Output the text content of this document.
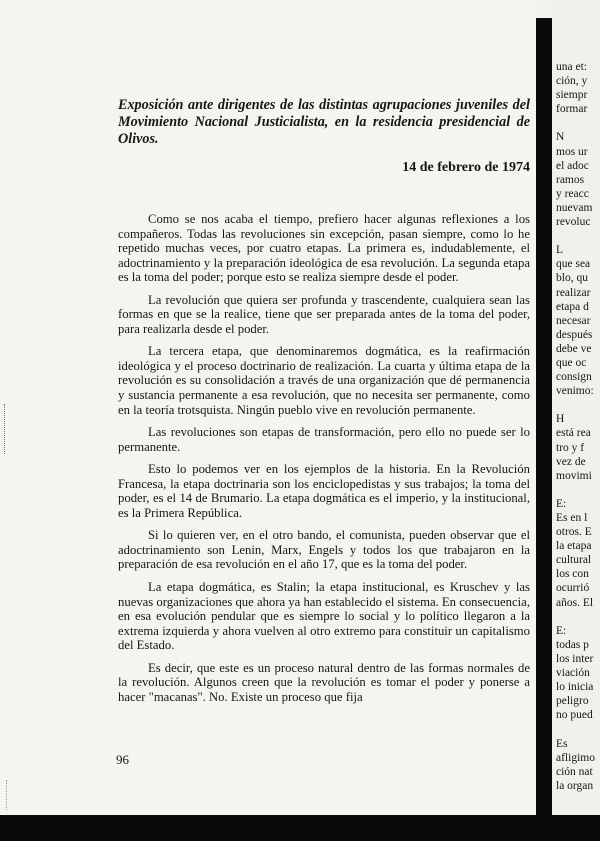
Exposición ante dirigentes de las distintas agrupaciones juveniles del Movimiento Nacional Justicialista, en la residencia presidencial de Olivos.

14 de febrero de 1974

Como se nos acaba el tiempo, prefiero hacer algunas reflexiones a los compañeros. Todas las revoluciones sin excepción, pasan siempre, como lo he repetido muchas veces, por cuatro etapas. La primera es, indudablemente, el adoctrinamiento y la preparación ideológica de esa revolución. La segunda etapa es la toma del poder; porque esto se realiza siempre desde el poder.

La revolución que quiera ser profunda y trascendente, cualquiera sean las formas en que se la realice, tiene que ser preparada antes de la toma del poder, para realizarla desde el poder.

La tercera etapa, que denominaremos dogmática, es la reafirmación ideológica y el proceso doctrinario de realización. La cuarta y última etapa de la revolución es su consolidación a través de una organización que dé permanencia y sustancia permanente a esa revolución, que no necesita ser permanente, como en la teoría trotsquista. Ningún pueblo vive en revolución permanente.

Las revoluciones son etapas de transformación, pero ello no puede ser lo permanente.

Esto lo podemos ver en los ejemplos de la historia. En la Revolución Francesa, la etapa doctrinaria son los enciclopedistas y sus trabajos; la toma del poder, es el 14 de Brumario. La etapa dogmática es el imperio, y la institucional, es la Primera República.

Si lo quieren ver, en el otro bando, el comunista, pueden observar que el adoctrinamiento son Lenin, Marx, Engels y todos los que trabajaron en la preparación de esa revolución en el año 17, que es la toma del poder.

La etapa dogmática, es Stalin; la etapa institucional, es Kruschev y las nuevas organizaciones que ahora ya han establecido el sistema. En consecuencia, en esa evolución pendular que es siempre lo social y lo político llegaron a la extrema izquierda y ahora vuelven al otro extremo para constituir un capitalismo del Estado.

Es decir, que este es un proceso natural dentro de las formas normales de la revolución. Algunos creen que la revolución es tomar el poder y ponerse a hacer "macanas". No. Existe un proceso que fija

96
una et:
ción, y
siempr
formar
N
mos ur
el adoc
ramos
y reacc
nuevam
revoluc
L
que sea
blo, qu
realizar
etapa d
necesar
después
debe ve
que oc
consign
venimo:
H
está rea
tro y f
vez de
movimi
E:
Es en l
otros. E
la etapa
cultural
los con
ocurrió
años. El
E:
todas p
los inter
viación
lo inicia
peligro
no pued
Es
afligimo
ción nat
la organ
